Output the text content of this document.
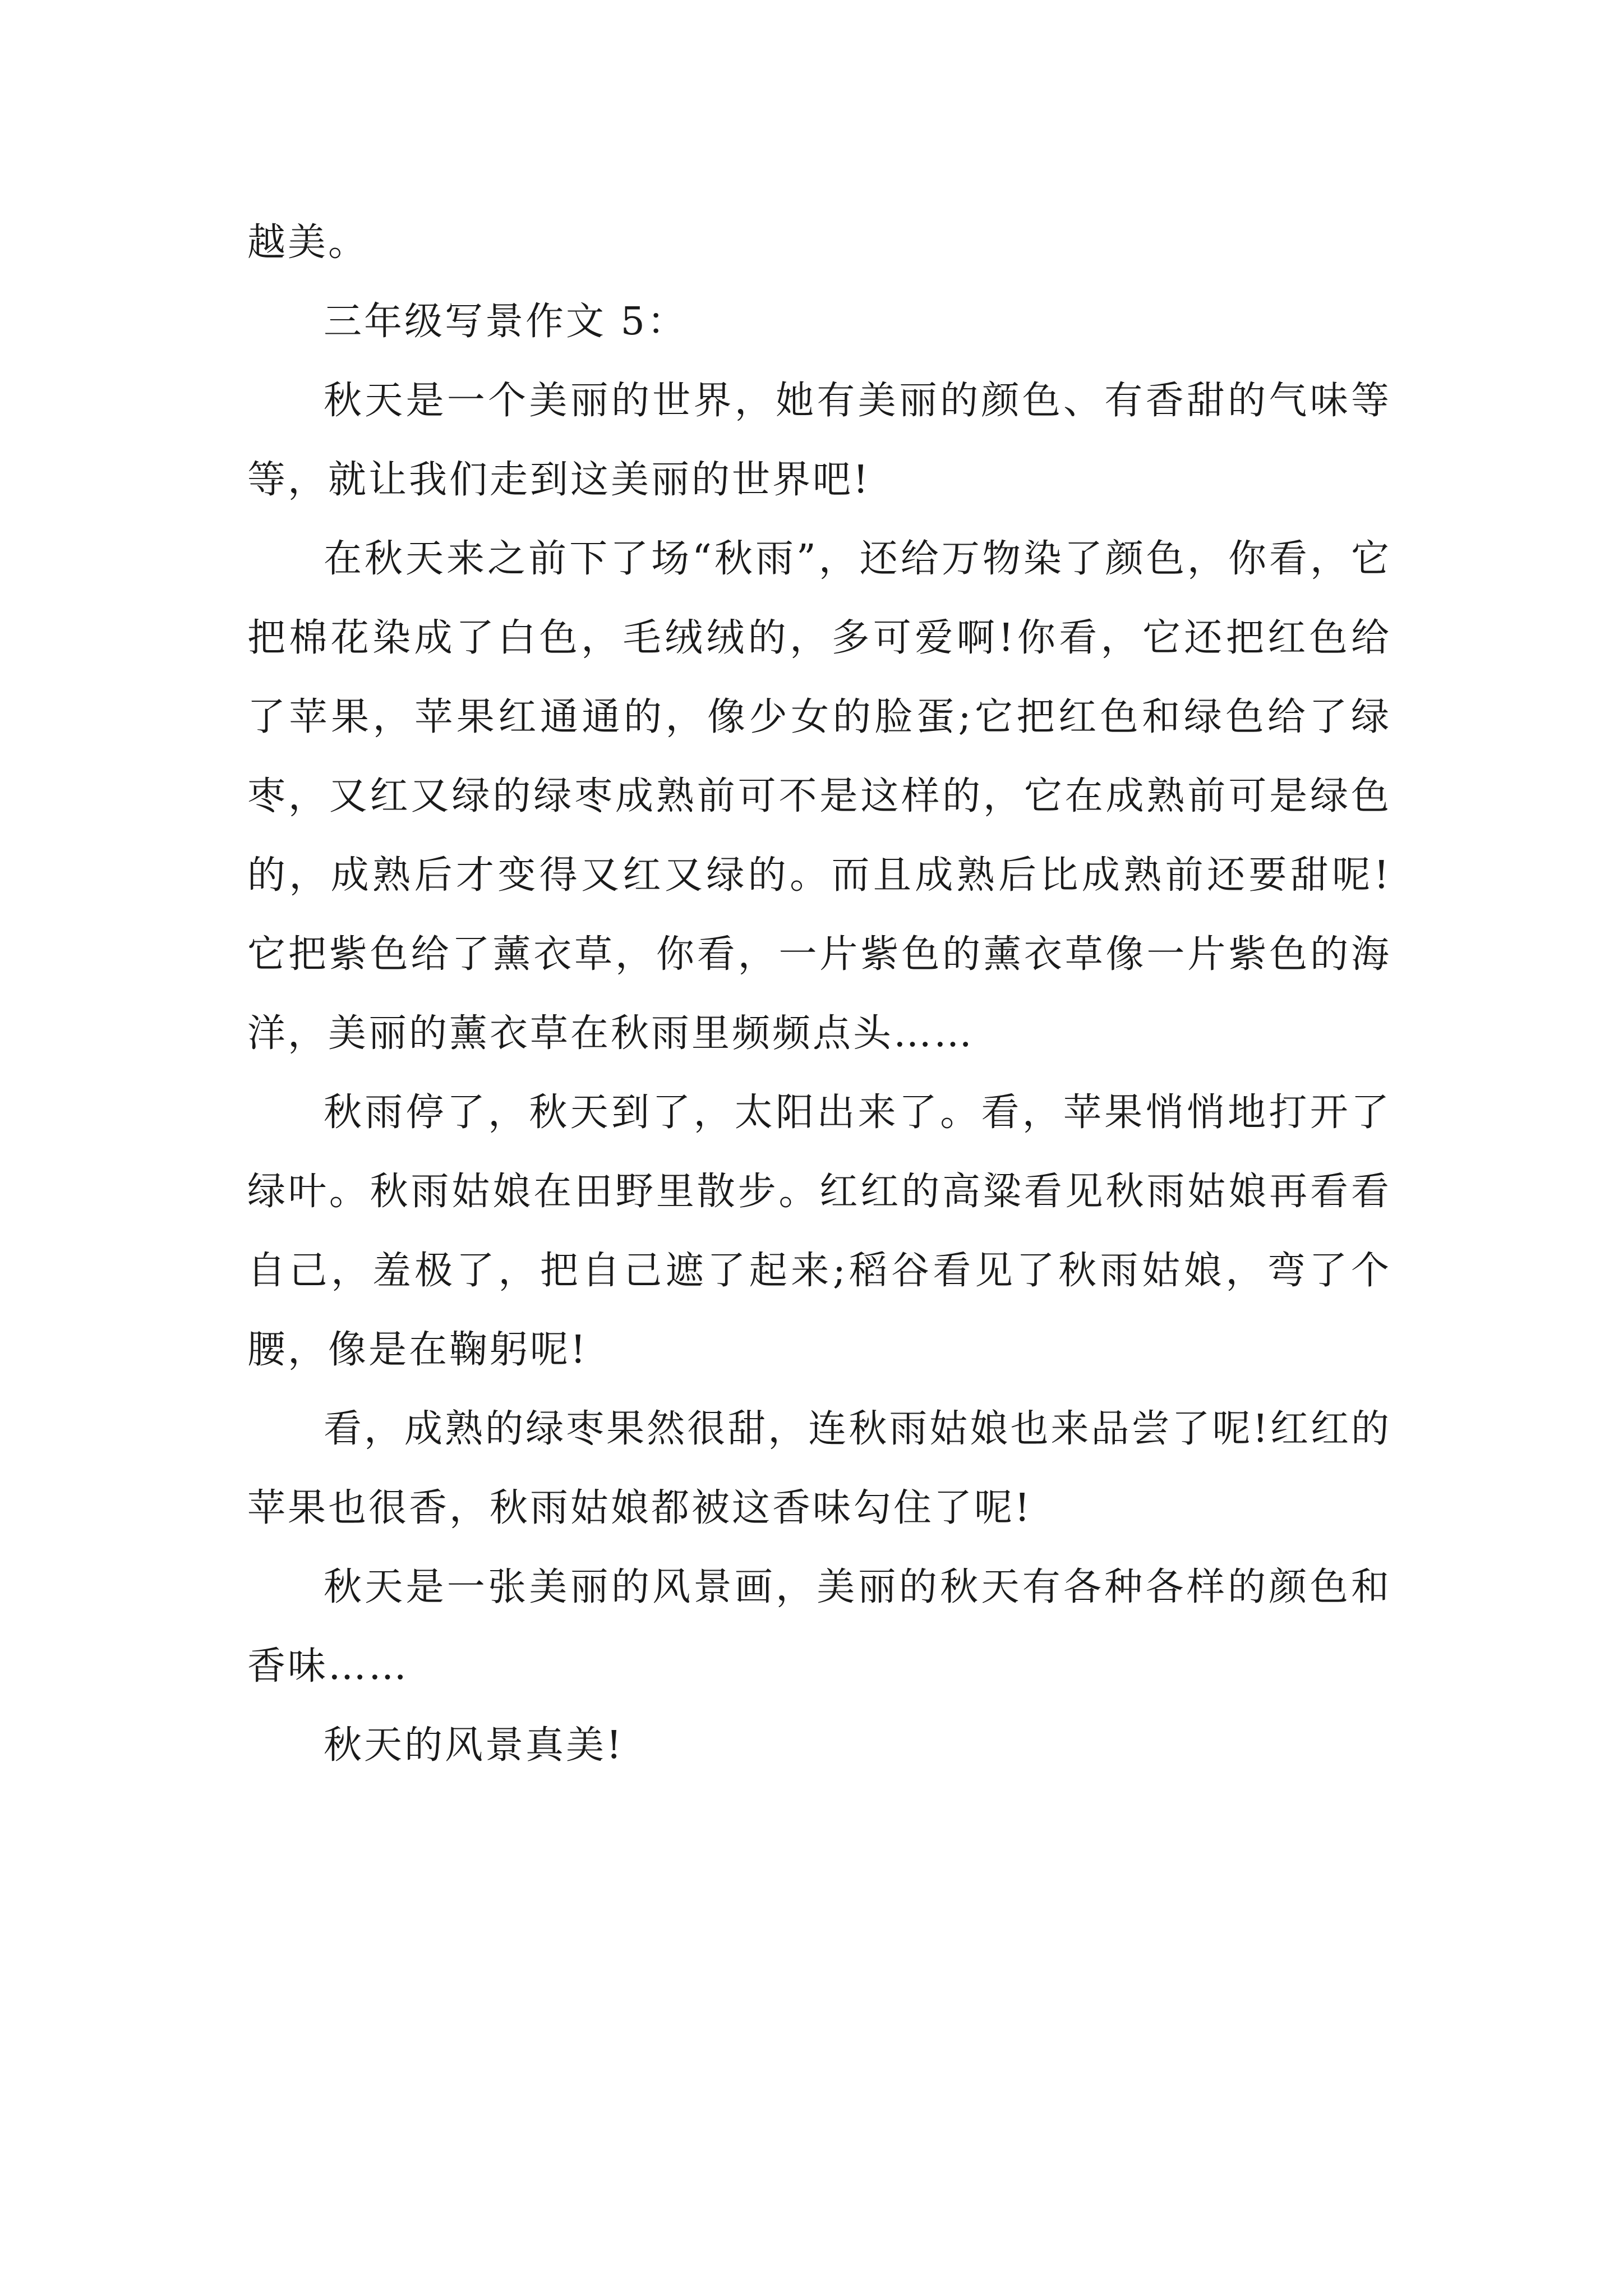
越美。

三年级写景作文 5：

秋天是一个美丽的世界，她有美丽的颜色、有香甜的气味等等，就让我们走到这美丽的世界吧!

在秋天来之前下了场“秋雨”，还给万物染了颜色，你看，它把棉花染成了白色，毛绒绒的，多可爱啊!你看，它还把红色给了苹果，苹果红通通的，像少女的脸蛋;它把红色和绿色给了绿枣，又红又绿的绿枣成熟前可不是这样的，它在成熟前可是绿色的，成熟后才变得又红又绿的。而且成熟后比成熟前还要甜呢!它把紫色给了薰衣草，你看，一片紫色的薰衣草像一片紫色的海洋，美丽的薰衣草在秋雨里频频点头……

秋雨停了，秋天到了，太阳出来了。看，苹果悄悄地打开了绿叶。秋雨姑娘在田野里散步。红红的高粱看见秋雨姑娘再看看自己，羞极了，把自己遮了起来;稻谷看见了秋雨姑娘，弯了个腰，像是在鞠躬呢!

看，成熟的绿枣果然很甜，连秋雨姑娘也来品尝了呢!红红的苹果也很香，秋雨姑娘都被这香味勾住了呢!

秋天是一张美丽的风景画，美丽的秋天有各种各样的颜色和香味……

秋天的风景真美!
